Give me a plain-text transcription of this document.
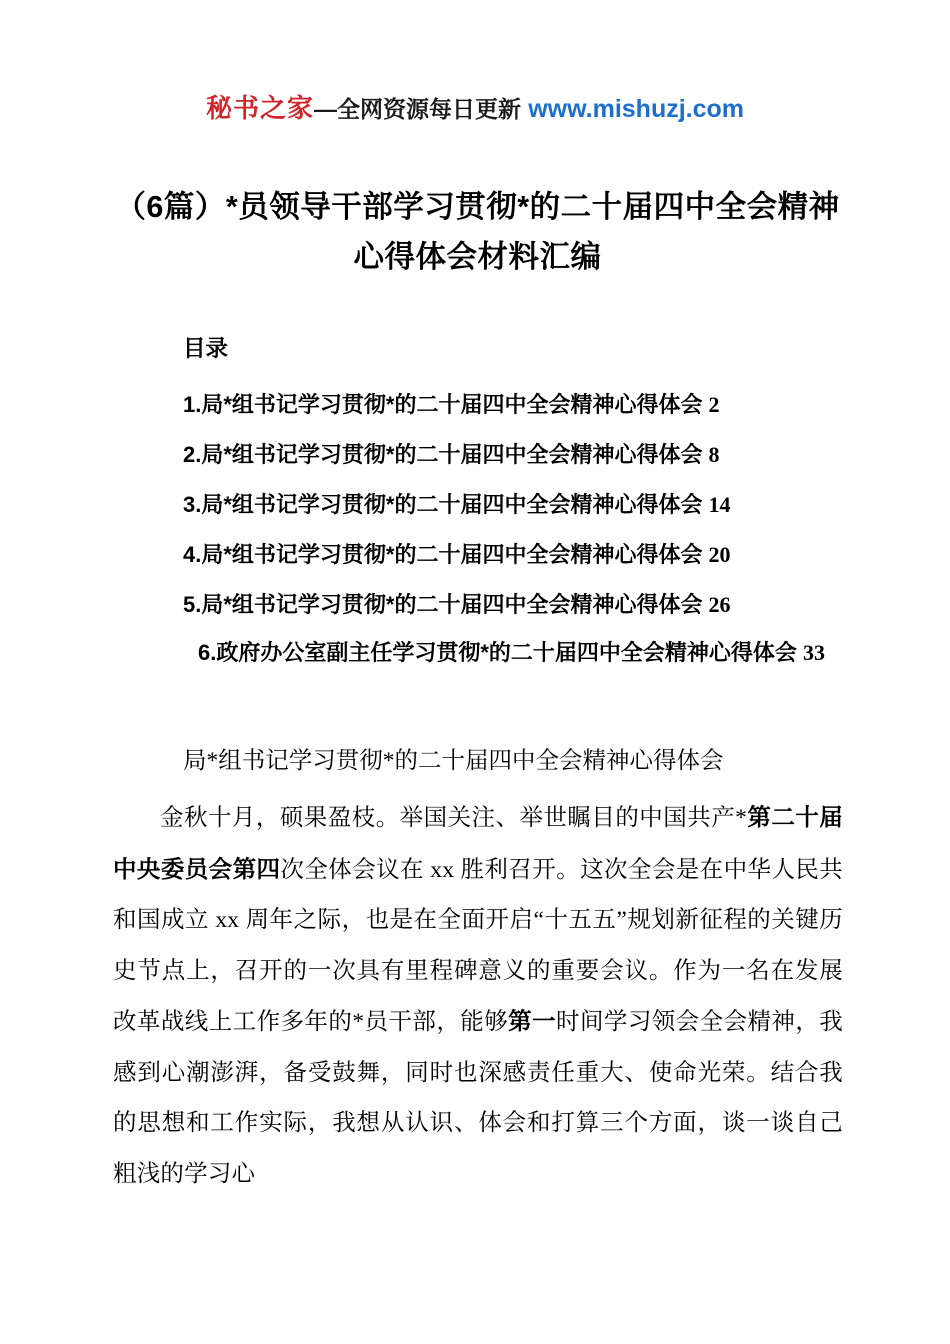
秘书之家—全网资源每日更新 www.mishuzj.com
（6篇）*员领导干部学习贯彻*的二十届四中全会精神心得体会材料汇编
目录
1.局*组书记学习贯彻*的二十届四中全会精神心得体会 2
2.局*组书记学习贯彻*的二十届四中全会精神心得体会 8
3.局*组书记学习贯彻*的二十届四中全会精神心得体会 14
4.局*组书记学习贯彻*的二十届四中全会精神心得体会 20
5.局*组书记学习贯彻*的二十届四中全会精神心得体会 26
6.政府办公室副主任学习贯彻*的二十届四中全会精神心得体会 33
局*组书记学习贯彻*的二十届四中全会精神心得体会

金秋十月，硕果盈枝。举国关注、举世瞩目的中国共产*第二十届中央委员会第四次全体会议在 xx 胜利召开。这次全会是在中华人民共和国成立 xx 周年之际，也是在全面开启“十五五”规划新征程的关键历史节点上，召开的一次具有里程碑意义的重要会议。作为一名在发展改革战线上工作多年的*员干部，能够第一时间学习领会全会精神，我感到心潮澎湃，备受鼓舞，同时也深感责任重大、使命光荣。结合我的思想和工作实际，我想从认识、体会和打算三个方面，谈一谈自己粗浅的学习心
